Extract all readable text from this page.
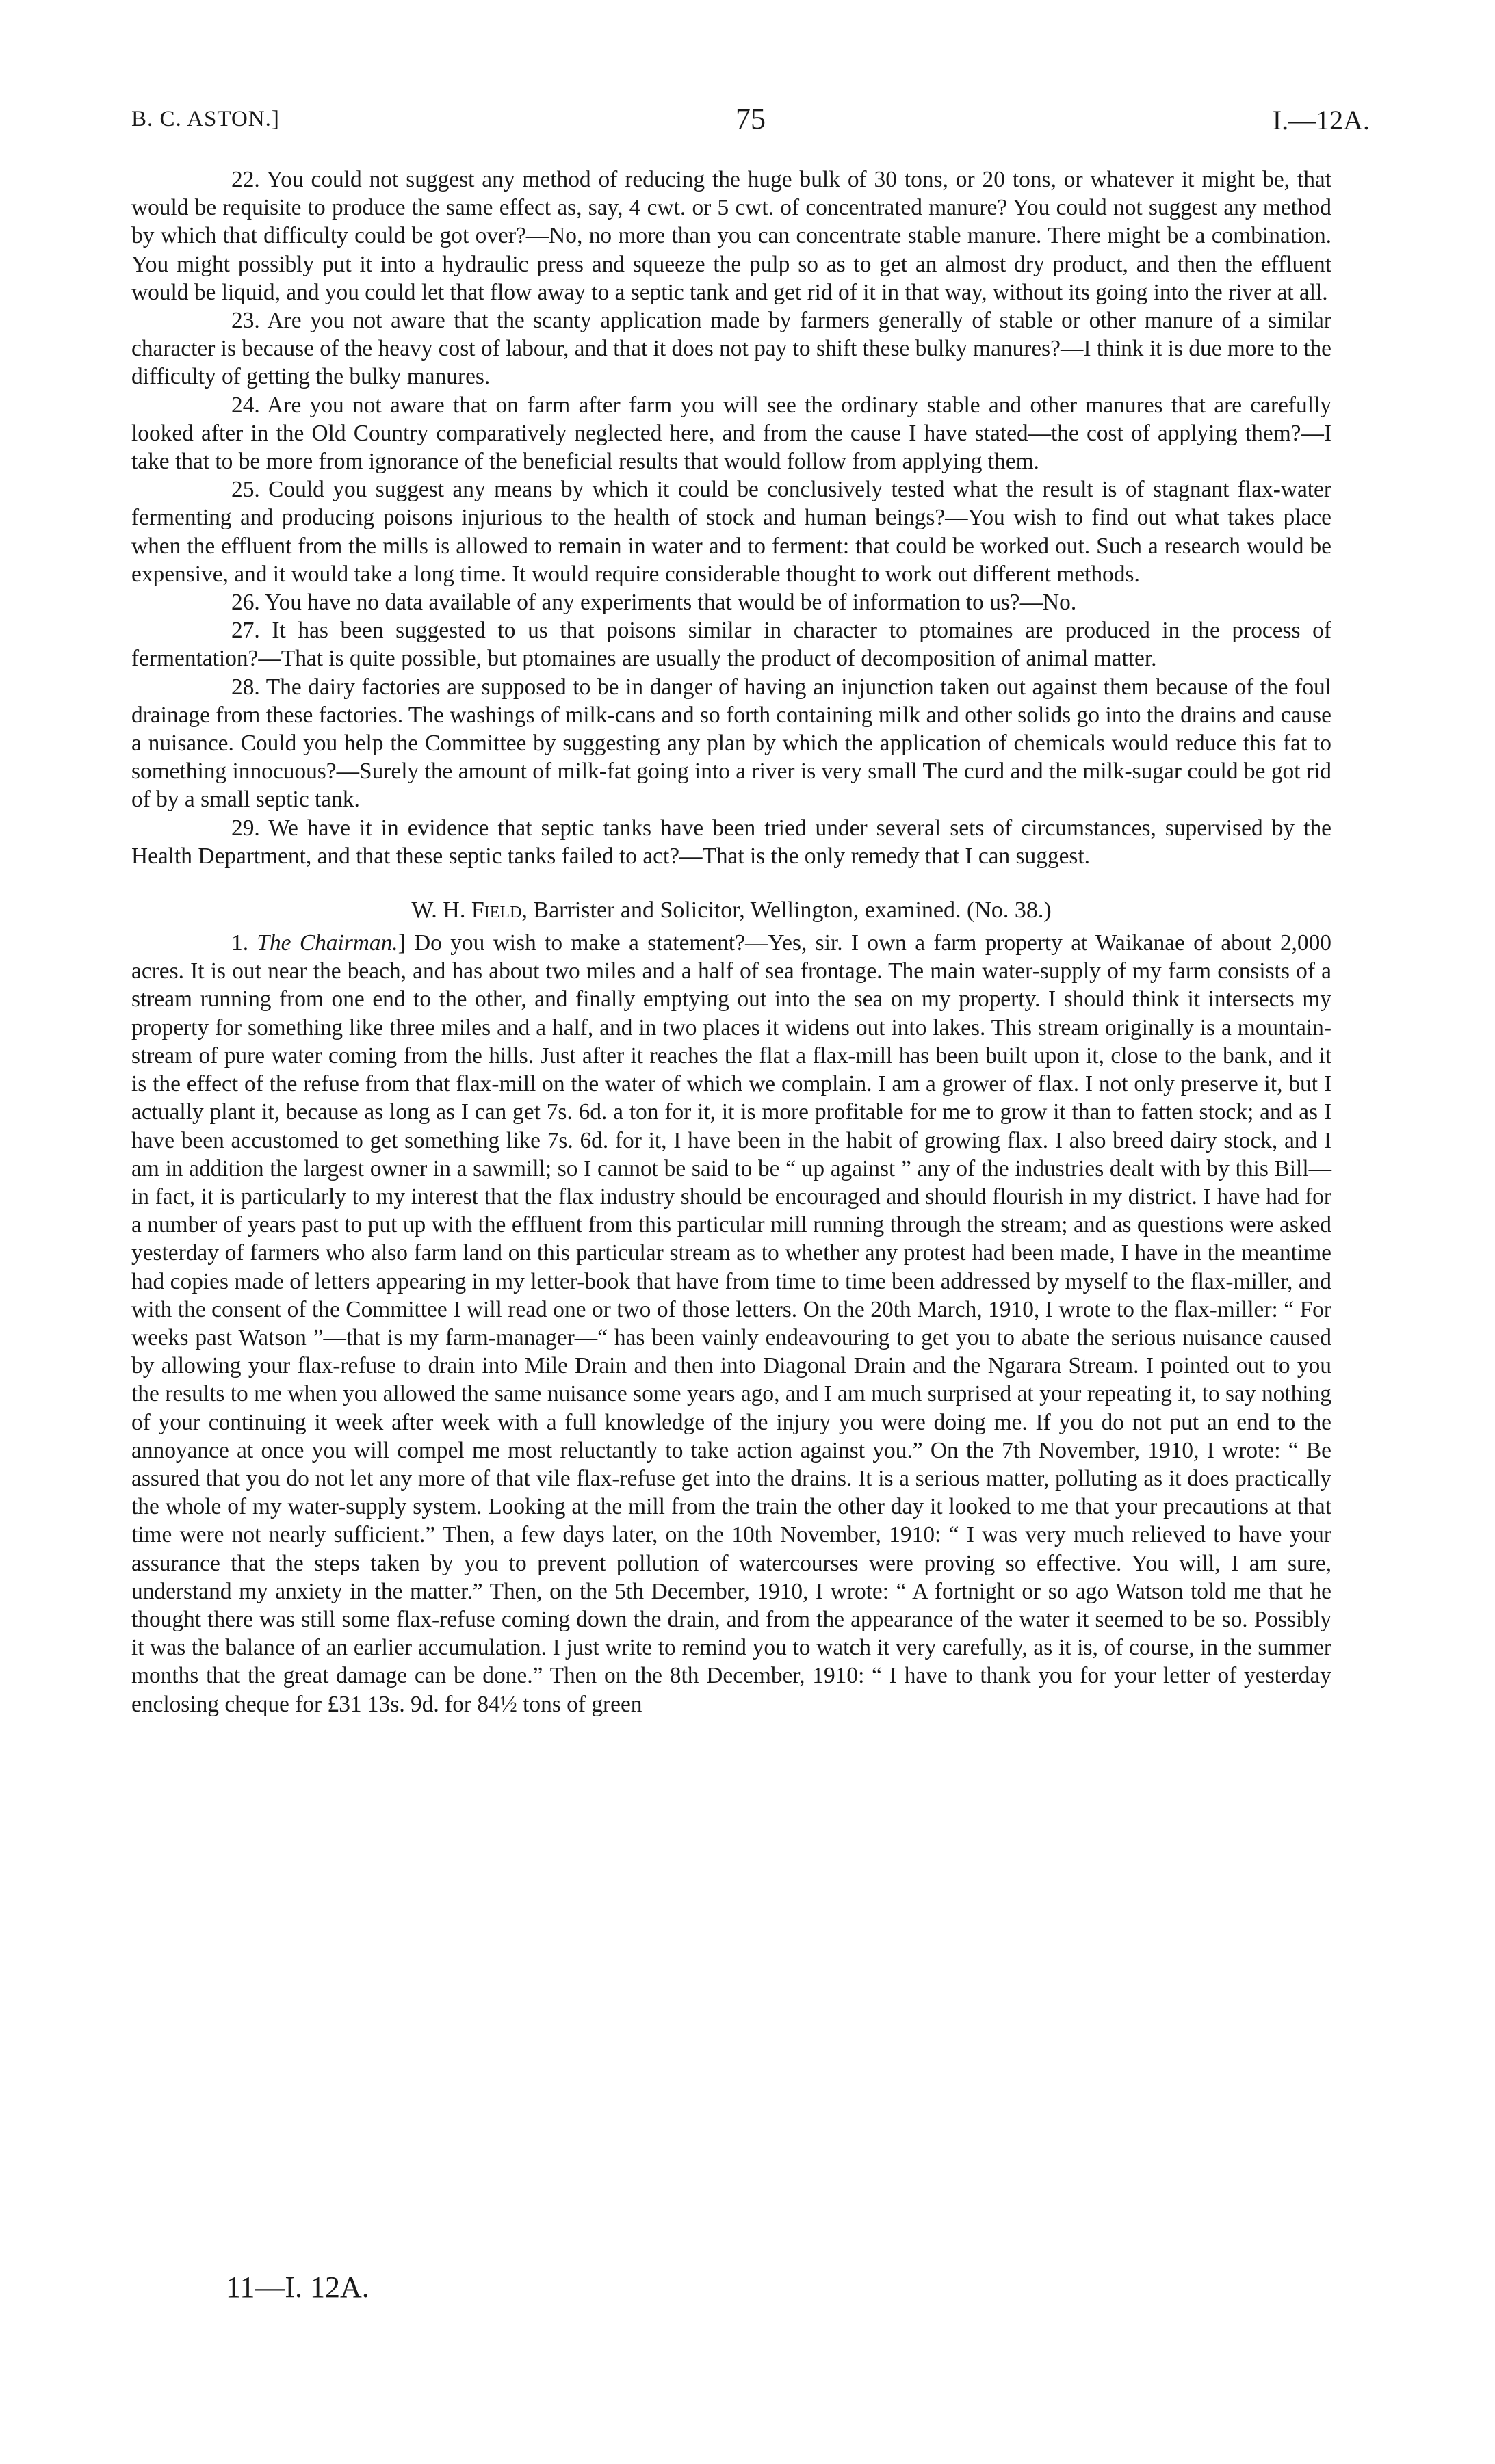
B. C. ASTON.]	75	I.—12A.

22. You could not suggest any method of reducing the huge bulk of 30 tons, or 20 tons, or whatever it might be, that would be requisite to produce the same effect as, say, 4 cwt. or 5 cwt. of concentrated manure? You could not suggest any method by which that difficulty could be got over?—No, no more than you can concentrate stable manure. There might be a combination. You might possibly put it into a hydraulic press and squeeze the pulp so as to get an almost dry product, and then the effluent would be liquid, and you could let that flow away to a septic tank and get rid of it in that way, without its going into the river at all.

23. Are you not aware that the scanty application made by farmers generally of stable or other manure of a similar character is because of the heavy cost of labour, and that it does not pay to shift these bulky manures?—I think it is due more to the difficulty of getting the bulky manures.

24. Are you not aware that on farm after farm you will see the ordinary stable and other manures that are carefully looked after in the Old Country comparatively neglected here, and from the cause I have stated—the cost of applying them?—I take that to be more from ignorance of the beneficial results that would follow from applying them.

25. Could you suggest any means by which it could be conclusively tested what the result is of stagnant flax-water fermenting and producing poisons injurious to the health of stock and human beings?—You wish to find out what takes place when the effluent from the mills is allowed to remain in water and to ferment: that could be worked out. Such a research would be expensive, and it would take a long time. It would require considerable thought to work out different methods.

26. You have no data available of any experiments that would be of information to us?—No.

27. It has been suggested to us that poisons similar in character to ptomaines are produced in the process of fermentation?—That is quite possible, but ptomaines are usually the product of decomposition of animal matter.

28. The dairy factories are supposed to be in danger of having an injunction taken out against them because of the foul drainage from these factories. The washings of milk-cans and so forth containing milk and other solids go into the drains and cause a nuisance. Could you help the Committee by suggesting any plan by which the application of chemicals would reduce this fat to something innocuous?—Surely the amount of milk-fat going into a river is very small The curd and the milk-sugar could be got rid of by a small septic tank.

29. We have it in evidence that septic tanks have been tried under several sets of circumstances, supervised by the Health Department, and that these septic tanks failed to act?—That is the only remedy that I can suggest.

W. H. Field, Barrister and Solicitor, Wellington, examined. (No. 38.)

1. The Chairman.] Do you wish to make a statement?—Yes, sir. I own a farm property at Waikanae of about 2,000 acres. It is out near the beach, and has about two miles and a half of sea frontage. The main water-supply of my farm consists of a stream running from one end to the other, and finally emptying out into the sea on my property. I should think it intersects my property for something like three miles and a half, and in two places it widens out into lakes. This stream originally is a mountain-stream of pure water coming from the hills. Just after it reaches the flat a flax-mill has been built upon it, close to the bank, and it is the effect of the refuse from that flax-mill on the water of which we complain. I am a grower of flax. I not only preserve it, but I actually plant it, because as long as I can get 7s. 6d. a ton for it, it is more profitable for me to grow it than to fatten stock; and as I have been accustomed to get something like 7s. 6d. for it, I have been in the habit of growing flax. I also breed dairy stock, and I am in addition the largest owner in a sawmill; so I cannot be said to be “ up against ” any of the industries dealt with by this Bill—in fact, it is particularly to my interest that the flax industry should be encouraged and should flourish in my district. I have had for a number of years past to put up with the effluent from this particular mill running through the stream; and as questions were asked yesterday of farmers who also farm land on this particular stream as to whether any protest had been made, I have in the meantime had copies made of letters appearing in my letter-book that have from time to time been addressed by myself to the flax-miller, and with the consent of the Committee I will read one or two of those letters. On the 20th March, 1910, I wrote to the flax-miller: “ For weeks past Watson ”—that is my farm-manager—“ has been vainly endeavouring to get you to abate the serious nuisance caused by allowing your flax-refuse to drain into Mile Drain and then into Diagonal Drain and the Ngarara Stream. I pointed out to you the results to me when you allowed the same nuisance some years ago, and I am much surprised at your repeating it, to say nothing of your continuing it week after week with a full knowledge of the injury you were doing me. If you do not put an end to the annoyance at once you will compel me most reluctantly to take action against you.” On the 7th November, 1910, I wrote: “ Be assured that you do not let any more of that vile flax-refuse get into the drains. It is a serious matter, polluting as it does practically the whole of my water-supply system. Looking at the mill from the train the other day it looked to me that your precautions at that time were not nearly sufficient.” Then, a few days later, on the 10th November, 1910: “ I was very much relieved to have your assurance that the steps taken by you to prevent pollution of watercourses were proving so effective. You will, I am sure, understand my anxiety in the matter.” Then, on the 5th December, 1910, I wrote: “ A fortnight or so ago Watson told me that he thought there was still some flax-refuse coming down the drain, and from the appearance of the water it seemed to be so. Possibly it was the balance of an earlier accumulation. I just write to remind you to watch it very carefully, as it is, of course, in the summer months that the great damage can be done.” Then on the 8th December, 1910: “ I have to thank you for your letter of yesterday enclosing cheque for £31 13s. 9d. for 84½ tons of green

11—I. 12A.
